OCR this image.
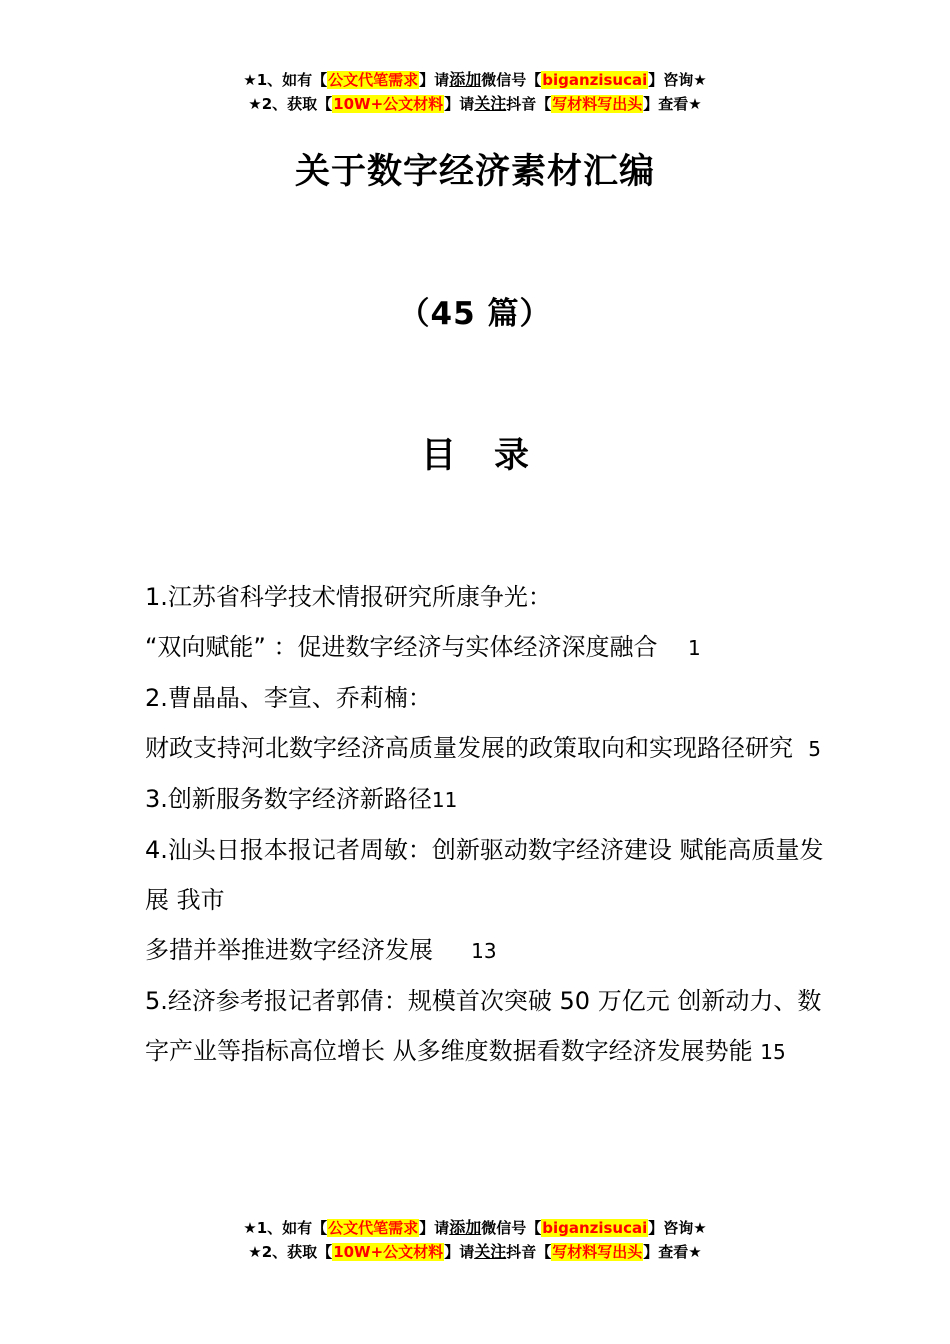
★1、如有【公文代笔需求】请添加微信号【biganzisucai】咨询★
★2、获取【10W+公文材料】请关注抖音【写材料写出头】查看★
关于数字经济素材汇编
（45 篇）
目 录
1.江苏省科学技术情报研究所康争光：
“双向赋能” ：促进数字经济与实体经济深度融合 1
2.曹晶晶、李宣、乔莉楠：
财政支持河北数字经济高质量发展的政策取向和实现路径研究 5
3.创新服务数字经济新路径11
4.汕头日报本报记者周敏：创新驱动数字经济建设 赋能高质量发展 我市
多措并举推进数字经济发展 13
5.经济参考报记者郭倩：规模首次突破 50 万亿元 创新动力、数字产业等指标高位增长 从多维度数据看数字经济发展势能 15
★1、如有【公文代笔需求】请添加微信号【biganzisucai】咨询★
★2、获取【10W+公文材料】请关注抖音【写材料写出头】查看★
